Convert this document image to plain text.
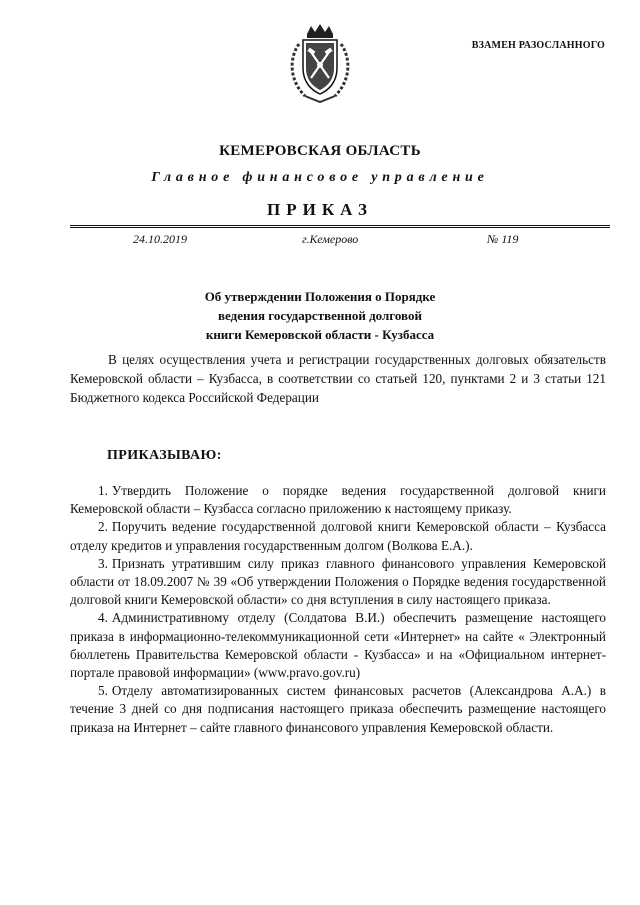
ВЗАМЕН РАЗОСЛАННОГО
КЕМЕРОВСКАЯ ОБЛАСТЬ
Главное финансовое управление
ПРИКАЗ
24.10.2019	г.Кемерово	№ 119
Об утверждении Положения о Порядке
ведения государственной долговой
книги Кемеровской области - Кузбасса

В целях осуществления учета и регистрации государственных долговых обязательств Кемеровской области – Кузбасса, в соответствии со статьей 120, пунктами 2 и 3 статьи 121 Бюджетного кодекса Российской Федерации

ПРИКАЗЫВАЮ:

1. Утвердить Положение о порядке ведения государственной долговой книги Кемеровской области – Кузбасса согласно приложению к настоящему приказу.

2. Поручить ведение государственной долговой книги Кемеровской области – Кузбасса отделу кредитов и управления государственным долгом (Волкова Е.А.).

3. Признать утратившим силу приказ главного финансового управления Кемеровской области от 18.09.2007 № 39 «Об утверждении Положения о Порядке ведения государственной долговой книги Кемеровской области» со дня вступления в силу настоящего приказа.

4. Административному отделу (Солдатова В.И.) обеспечить размещение настоящего приказа в информационно-телекоммуникационной сети «Интернет» на сайте « Электронный бюллетень Правительства Кемеровской области - Кузбасса» и на «Официальном интернет-портале правовой информации» (www.pravo.gov.ru)

5. Отделу автоматизированных систем финансовых расчетов (Александрова А.А.) в течение 3 дней со дня подписания настоящего приказа обеспечить размещение настоящего приказа на Интернет – сайте главного финансового управления Кемеровской области.
